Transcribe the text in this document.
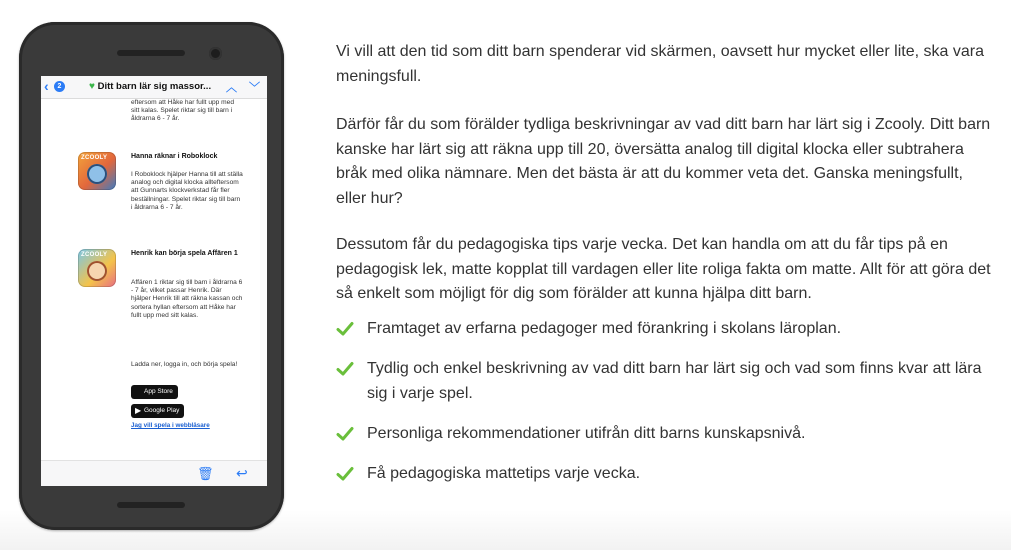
‹	2	♥ Ditt barn lär sig massor... ︿ ﹀
eftersom att Håke har fullt upp med sitt kalas. Spelet riktar sig till barn i åldrarna 6 - 7 år.
ZCOOLY	Hanna räknar i Roboklock
I Roboklock hjälper Hanna till att ställa analog och digital klocka allteftersom att Gunnarts klockverkstad får fler beställningar. Spelet riktar sig till barn i åldrarna 6 - 7 år.
ZCOOLY	Henrik kan börja spela Affären 1
Affären 1 riktar sig till barn i åldrarna 6 - 7 år, vilket passar Henrik. Där hjälper Henrik till att räkna kassan och sortera hyllan eftersom att Håke har fullt upp med sitt kalas.
Ladda ner, logga in, och börja spela!
App Store
▶ Google Play
Jag vill spela i webbläsare
🗑 ↩

Vi vill att den tid som ditt barn spenderar vid skärmen, oavsett hur mycket eller lite, ska vara meningsfull.

Därför får du som förälder tydliga beskrivningar av vad ditt barn har lärt sig i Zcooly. Ditt barn kanske har lärt sig att räkna upp till 20, översätta analog till digital klocka eller subtrahera bråk med olika nämnare. Men det bästa är att du kommer veta det. Ganska meningsfullt, eller hur?

Dessutom får du pedagogiska tips varje vecka. Det kan handla om att du får tips på en pedagogisk lek, matte kopplat till vardagen eller lite roliga fakta om matte. Allt för att göra det så enkelt som möjligt för dig som förälder att kunna hjälpa ditt barn.

Framtaget av erfarna pedagoger med förankring i skolans läroplan.
Tydlig och enkel beskrivning av vad ditt barn har lärt sig och vad som finns kvar att lära sig i varje spel.
Personliga rekommendationer utifrån ditt barns kunskapsnivå.
Få pedagogiska mattetips varje vecka.
